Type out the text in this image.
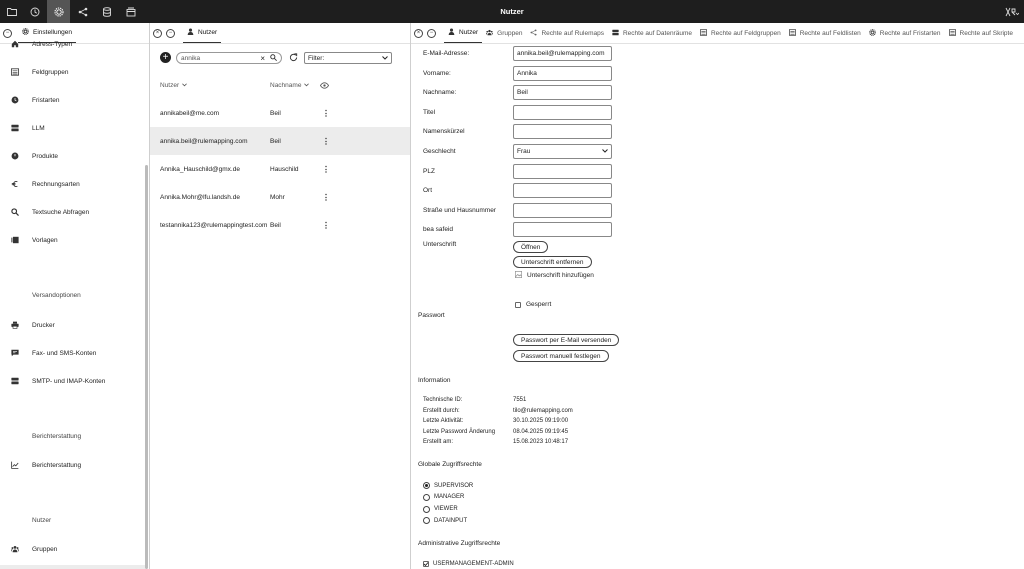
Nutzer
−	Einstellungen
Adress-Typen
Feldgruppen
Fristarten
LLM
Produkte
Rechnungsarten
Textsuche Abfragen
Vorlagen
Versandoptionen
Drucker
Fax- und SMS-Konten
SMTP- und IMAP-Konten
Berichterstattung
Berichterstattung
Nutzer
Gruppen
×	−	Nutzer
+ annika	×	Filter:
Nutzer	Nachname
annikabeil@me.com	Beil	⋮
annika.beil@rulemapping.com	Beil	⋮
Annika_Hauschild@gmx.de	Hauschild	⋮
Annika.Mohr@lfu.landsh.de	Mohr	⋮
testannika123@rulemappingtest.com Beil	⋮
×	−	Nutzer	Gruppen	Rechte auf Rulemaps	Rechte auf Datenräume	Rechte auf Feldgruppen	Rechte auf Feldlisten	Rechte auf Fristarten	Rechte auf Skripte
E-Mail-Adresse:	annika.beil@rulemapping.com
Vorname:	Annika
Nachname:	Beil
Titel
Namenskürzel
Geschlecht	Frau
PLZ
Ort
Straße und Hausnummer
bea safeid
Unterschrift	Öffnen
Unterschrift entfernen
Unterschrift hinzufügen
Gesperrt
Passwort
Passwort per E-Mail versenden
Passwort manuell festlegen
Information
Technische ID:	7551
Erstellt durch:	tilo@rulemapping.com
Letzte Aktivität:	30.10.2025 09:19:00
Letzte Password Änderung	08.04.2025 09:19:45
Erstellt am:	15.08.2023 10:48:17
Globale Zugriffsrechte
SUPERVISOR
MANAGER
VIEWER
DATAINPUT
Administrative Zugriffsrechte
USERMANAGEMENT-ADMIN
